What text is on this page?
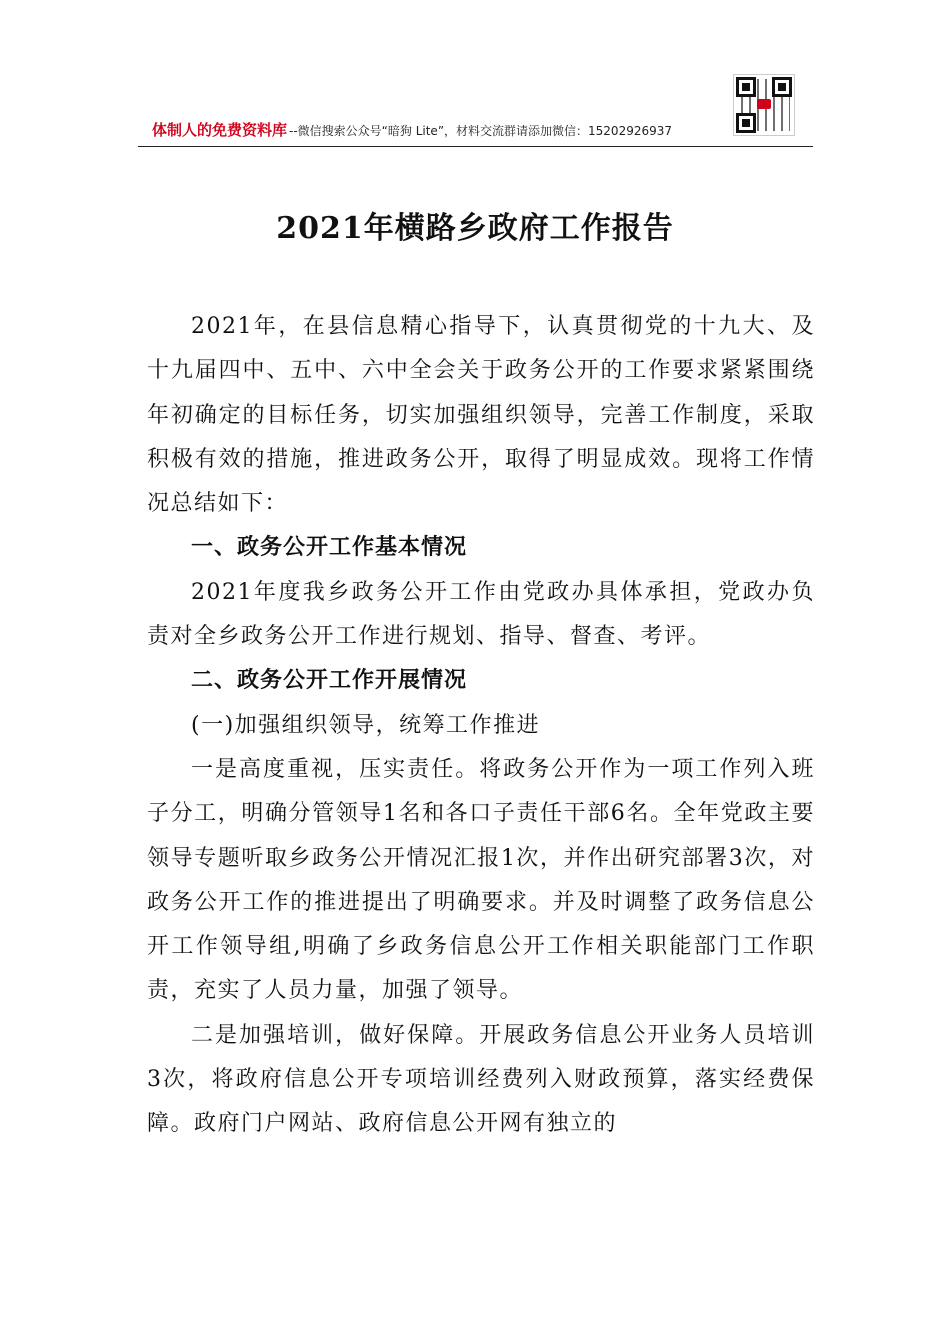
体制人的免费资料库 --微信搜索公众号“暗狗 Lite”，材料交流群请添加微信：15202926937
2021年横路乡政府工作报告

2021年，在县信息精心指导下，认真贯彻党的十九大、及十九届四中、五中、六中全会关于政务公开的工作要求紧紧围绕年初确定的目标任务，切实加强组织领导，完善工作制度，采取积极有效的措施，推进政务公开，取得了明显成效。现将工作情况总结如下：

一、政务公开工作基本情况

2021年度我乡政务公开工作由党政办具体承担，党政办负责对全乡政务公开工作进行规划、指导、督查、考评。

二、政务公开工作开展情况

(一)加强组织领导，统筹工作推进

一是高度重视，压实责任。将政务公开作为一项工作列入班子分工，明确分管领导1名和各口子责任干部6名。全年党政主要领导专题听取乡政务公开情况汇报1次，并作出研究部署3次，对政务公开工作的推进提出了明确要求。并及时调整了政务信息公开工作领导组,明确了乡政务信息公开工作相关职能部门工作职责，充实了人员力量，加强了领导。

二是加强培训，做好保障。开展政务信息公开业务人员培训3次，将政府信息公开专项培训经费列入财政预算，落实经费保障。政府门户网站、政府信息公开网有独立的
